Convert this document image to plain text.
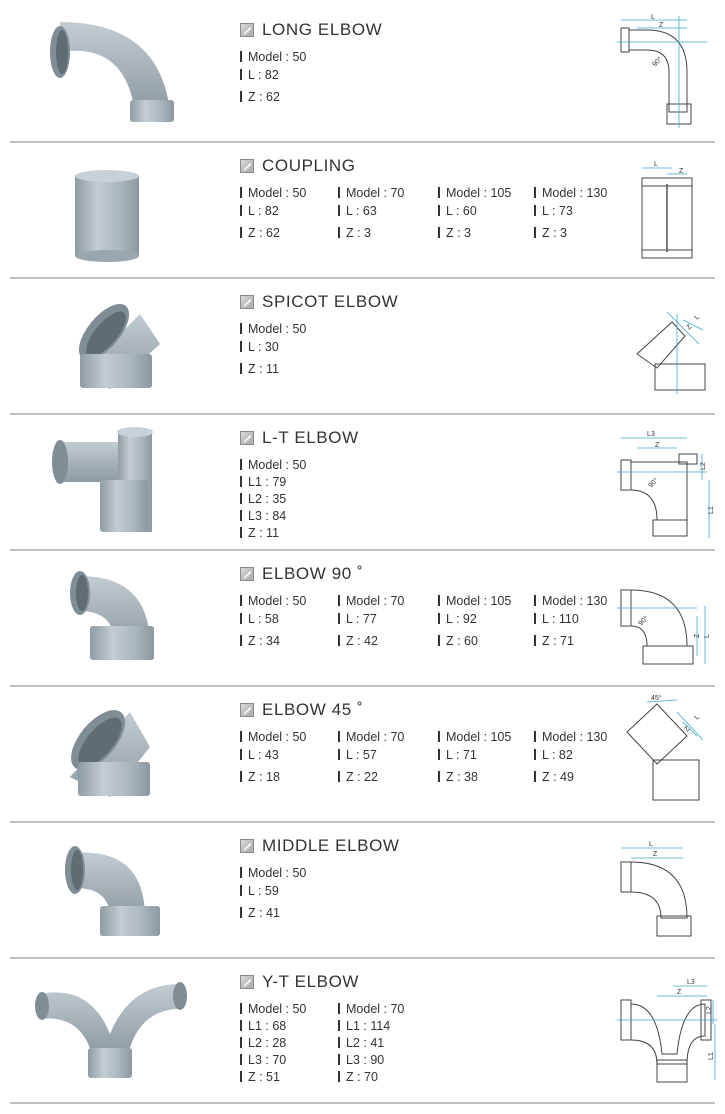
LONG ELBOW
Model : 50
L : 82
Z : 62
L
Z
90°
COUPLING
Model : 50
L : 82
Z : 62
Model : 70
L : 63
Z : 3
Model : 105
L : 60
Z : 3
Model : 130
L : 73
Z : 3
L
Z
SPICOT ELBOW
Model : 50
L : 30
Z : 11
L
Z
L-T ELBOW
Model : 50
L1 : 79
L2 : 35
L3 : 84
Z : 11
L3
Z
L2
L1
90°
ELBOW 90 ˚
Model : 50
L : 58
Z : 34
Model : 70
L : 77
Z : 42
Model : 105
L : 92
Z : 60
Model : 130
L : 110
Z : 71
90°
Z L
ELBOW 45 ˚
Model : 50
L : 43
Z : 18
Model : 70
L : 57
Z : 22
Model : 105
L : 71
Z : 38
Model : 130
L : 82
Z : 49
45°
L
Z
MIDDLE ELBOW
Model : 50
L : 59
Z : 41
L
Z
Y-T ELBOW
Model : 50
L1 : 68
L2 : 28
L3 : 70
Z : 51
Model : 70
L1 : 114
L2 : 41
L3 : 90
Z : 70
L3
Z
L2
L1
